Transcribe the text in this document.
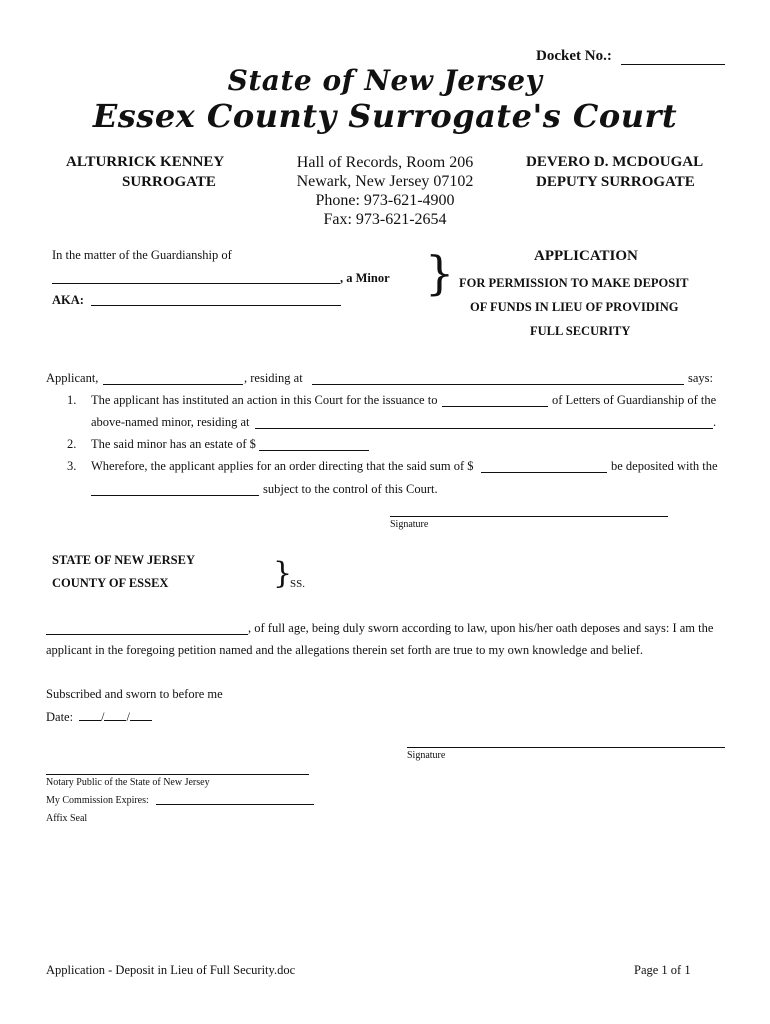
Docket No.:
State of New Jersey
Essex County Surrogate's Court
ALTURRICK KENNEY
SURROGATE
Hall of Records, Room 206
Newark, New Jersey 07102
Phone: 973-621-4900
Fax: 973-621-2654
DEVERO D. MCDOUGAL
DEPUTY SURROGATE
In the matter of the Guardianship of
, a Minor
AKA:	}	APPLICATION
FOR PERMISSION TO MAKE DEPOSIT
OF FUNDS IN LIEU OF PROVIDING
FULL SECURITY
Applicant,	, residing at	says:
1. The applicant has instituted an action in this Court for the issuance to	of Letters of Guardianship of the
above-named minor, residing at	.
2. The said minor has an estate of $
3. Wherefore, the applicant applies for an order directing that the said sum of $	be deposited with the
subject to the control of this Court.
Signature
STATE OF NEW JERSEY
COUNTY OF ESSEX	}
SS.
, of full age, being duly sworn according to law, upon his/her oath deposes and says: I am the
applicant in the foregoing petition named and the allegations therein set forth are true to my own knowledge and belief.
Subscribed and sworn to before me
Date:	/ /
Signature
Notary Public of the State of New Jersey
My Commission Expires:
Affix Seal
Application - Deposit in Lieu of Full Security.doc	Page 1 of 1
